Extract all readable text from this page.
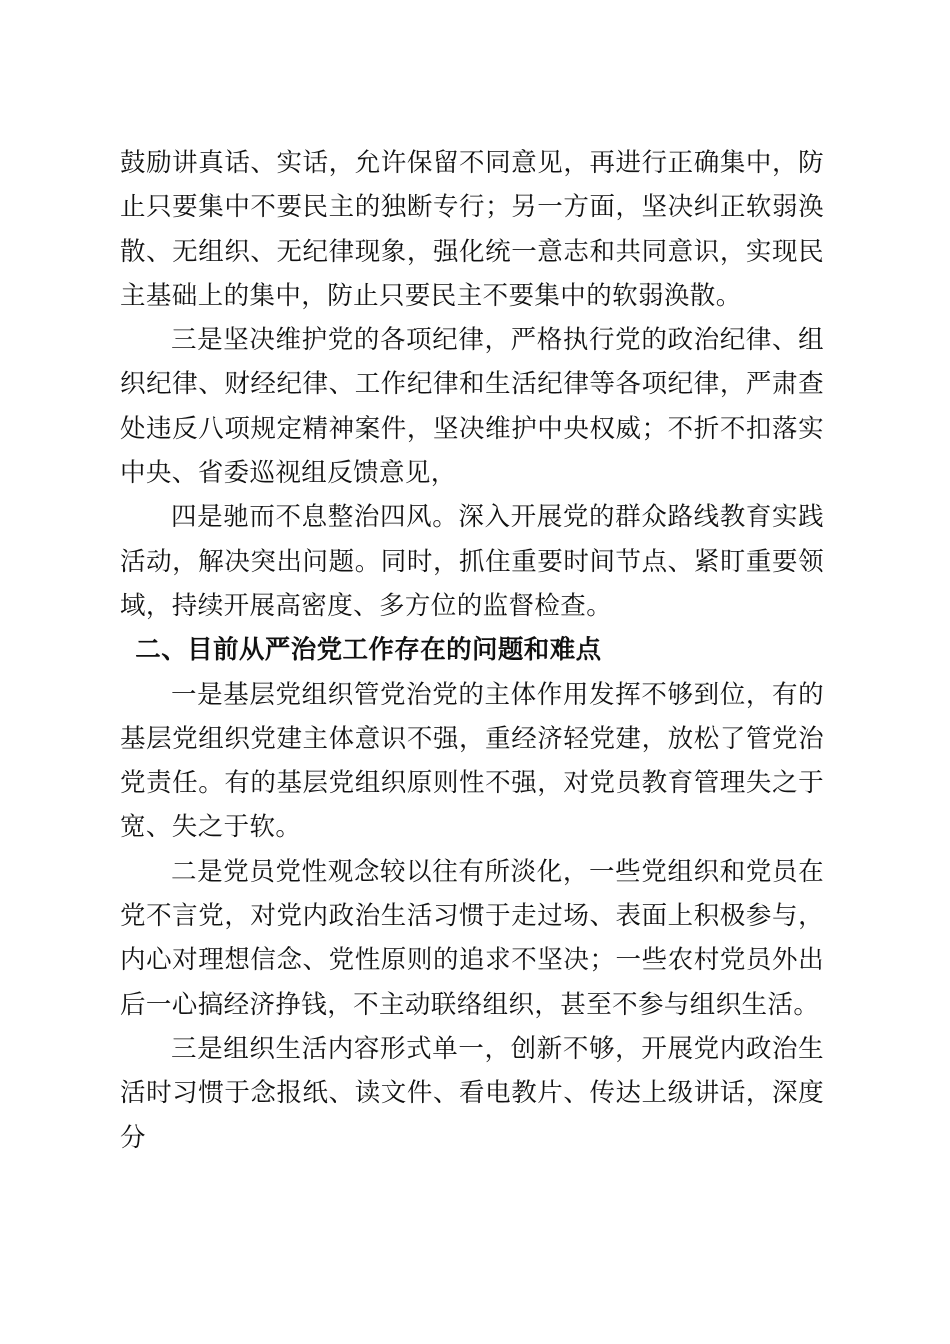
鼓励讲真话、实话，允许保留不同意见，再进行正确集中，防止只要集中不要民主的独断专行；另一方面，坚决纠正软弱涣散、无组织、无纪律现象，强化统一意志和共同意识，实现民主基础上的集中，防止只要民主不要集中的软弱涣散。

三是坚决维护党的各项纪律，严格执行党的政治纪律、组织纪律、财经纪律、工作纪律和生活纪律等各项纪律，严肃查处违反八项规定精神案件，坚决维护中央权威；不折不扣落实中央、省委巡视组反馈意见，

四是驰而不息整治四风。深入开展党的群众路线教育实践活动，解决突出问题。同时，抓住重要时间节点、紧盯重要领域，持续开展高密度、多方位的监督检查。

二、目前从严治党工作存在的问题和难点

一是基层党组织管党治党的主体作用发挥不够到位，有的基层党组织党建主体意识不强，重经济轻党建，放松了管党治党责任。有的基层党组织原则性不强，对党员教育管理失之于宽、失之于软。

二是党员党性观念较以往有所淡化，一些党组织和党员在党不言党，对党内政治生活习惯于走过场、表面上积极参与，内心对理想信念、党性原则的追求不坚决；一些农村党员外出后一心搞经济挣钱，不主动联络组织，甚至不参与组织生活。

三是组织生活内容形式单一，创新不够，开展党内政治生活时习惯于念报纸、读文件、看电教片、传达上级讲话，深度分
